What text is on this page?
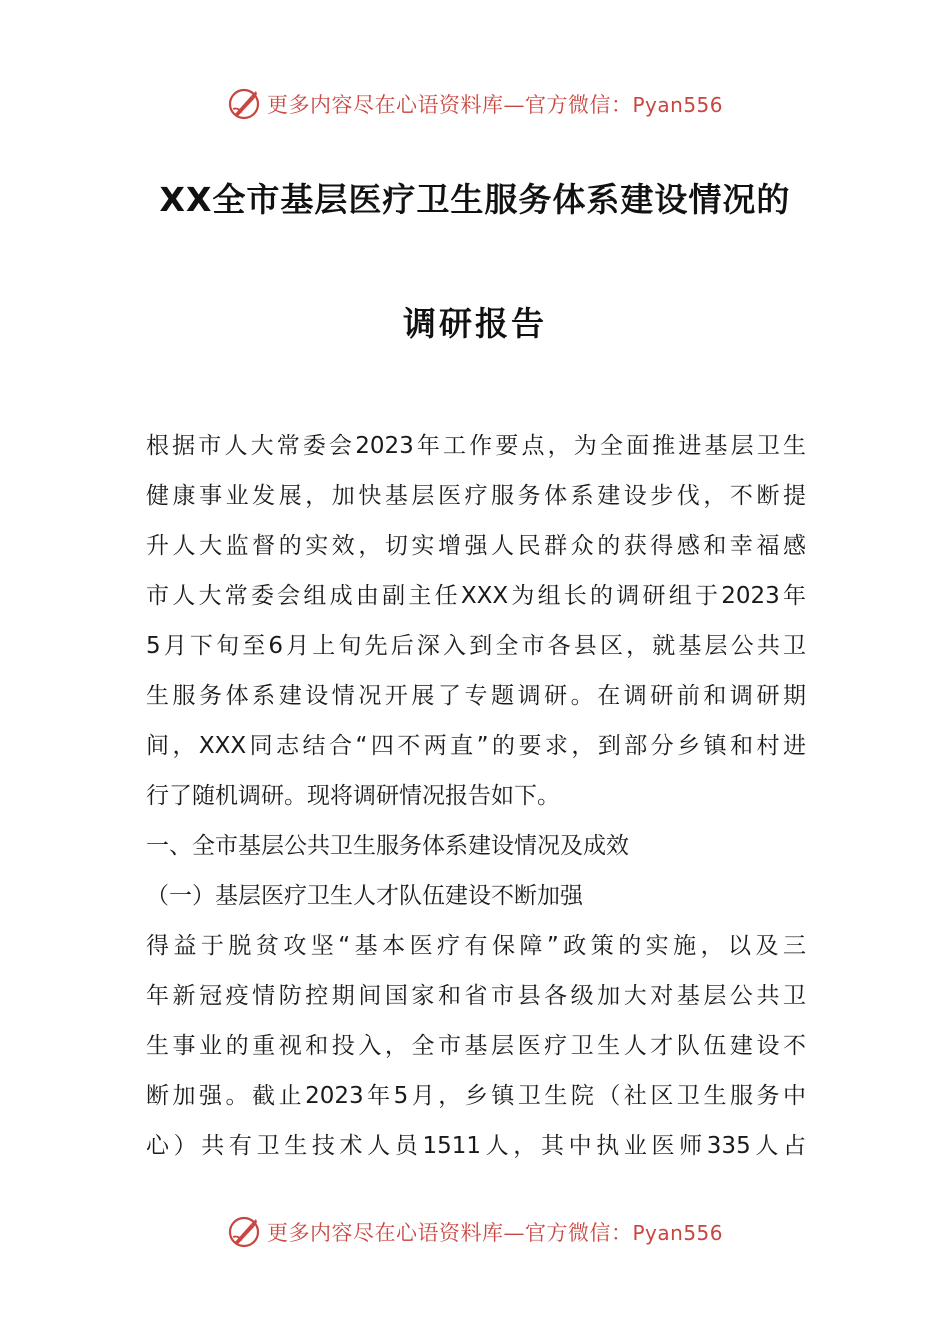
更多内容尽在心语资料库—官方微信：Pyan556
XX全市基层医疗卫生服务体系建设情况的
调研报告
根据市人大常委会2023年工作要点，为全面推进基层卫生
健康事业发展，加快基层医疗服务体系建设步伐，不断提
升人大监督的实效，切实增强人民群众的获得感和幸福感
市人大常委会组成由副主任XXX为组长的调研组于2023年
5月下旬至6月上旬先后深入到全市各县区，就基层公共卫
生服务体系建设情况开展了专题调研。在调研前和调研期
间，XXX同志结合“四不两直”的要求，到部分乡镇和村进
行了随机调研。现将调研情况报告如下。
一、全市基层公共卫生服务体系建设情况及成效
（一）基层医疗卫生人才队伍建设不断加强
得益于脱贫攻坚“基本医疗有保障”政策的实施，以及三
年新冠疫情防控期间国家和省市县各级加大对基层公共卫
生事业的重视和投入，全市基层医疗卫生人才队伍建设不
断加强。截止2023年5月，乡镇卫生院（社区卫生服务中
心）共有卫生技术人员1511人，其中执业医师335人占
更多内容尽在心语资料库—官方微信：Pyan556
